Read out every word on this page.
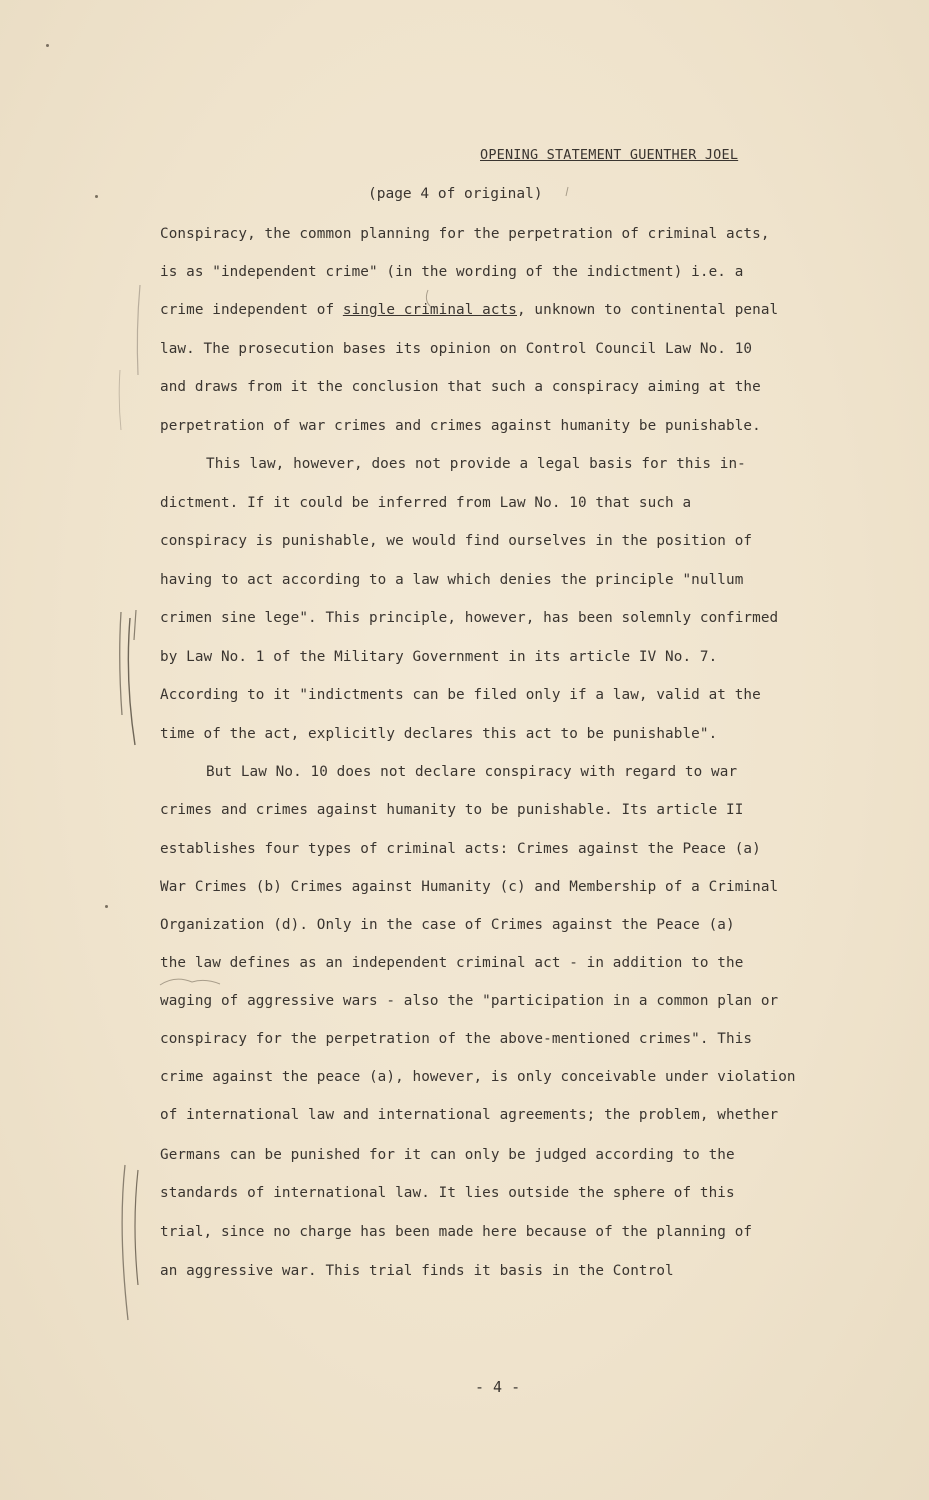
OPENING STATEMENT GUENTHER JOEL
(page 4 of original)
Conspiracy, the common planning for the perpetration of criminal acts,
is as "independent crime" (in the wording of the indictment) i.e. a
crime independent of single criminal acts, unknown to continental penal
law. The prosecution bases its opinion on Control Council Law No. 10
and draws from it the conclusion that such a conspiracy aiming at the
perpetration of war crimes and crimes against humanity be punishable.
This law, however, does not provide a legal basis for this in-
dictment. If it could be inferred from Law No. 10 that such a
conspiracy is punishable, we would find ourselves in the position of
having to act according to a law which denies the principle "nullum
crimen sine lege". This principle, however, has been solemnly confirmed
by Law No. 1 of the Military Government in its article IV No. 7.
According to it "indictments can be filed only if a law, valid at the
time of the act, explicitly declares this act to be punishable".
But Law No. 10 does not declare conspiracy with regard to war
crimes and crimes against humanity to be punishable. Its article II
establishes four types of criminal acts: Crimes against the Peace (a)
War Crimes (b) Crimes against Humanity (c) and Membership of a Criminal
Organization (d). Only in the case of Crimes against the Peace (a)
the law defines as an independent criminal act - in addition to the
waging of aggressive wars - also the "participation in a common plan or
conspiracy for the perpetration of the above-mentioned crimes". This
crime against the peace (a), however, is only conceivable under violation
of international law and international agreements; the problem, whether
Germans can be punished for it can only be judged according to the
standards of international law. It lies outside the sphere of this
trial, since no charge has been made here because of the planning of
an aggressive war. This trial finds it basis in the Control
- 4 -
